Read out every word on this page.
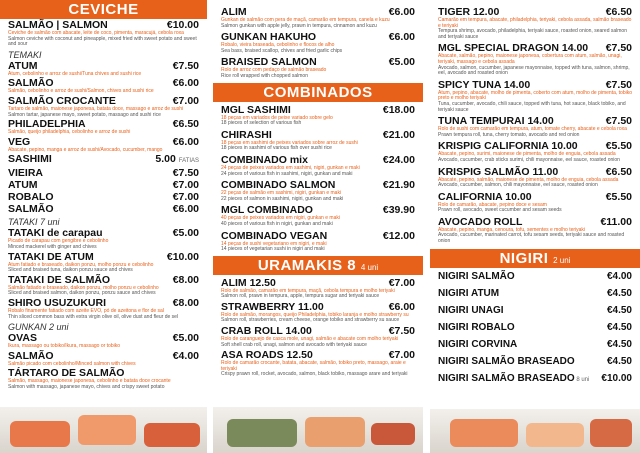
CEVICHE
SALMÃO | SALMON	€10.00
Ceviche de salmão com abacate, leite de coco, pimenta, maracujá, cebola roxa
Salmon ceviche with coconut and pineapple, mixed fried with sweet potato and sweet and sour
TEMAKI
ATUM	€7.50
Atum, cebolinho e arroz de sushi/Tuna chives and sushi rice
SALMÃO	€6.00
Salmão, cebolinho e arroz de sushi/Salmon, chives and sushi rice
SALMÃO CROCANTE	€7.00
Tartaro de salmão, maionese japonesa, batata doce, massago e arroz de sushi
Salmon tartar, japanese mayo, sweet potato, massago and sushi rice
PHILADELPHIA	€6.50
Salmão, queijo philadelphia, cebolinho e arroz de sushi
VEG	€6.00
Abacate, pepino, manga e arroz de sushi/Avocado, cucumber, mango
SASHIMI	5.00 FATIAS
VIEIRA	€7.50
ATUM	€7.00
ROBALO	€7.00
SALMÃO	€6.00
TATAKI 7 uni
TATAKI de carapau	€5.00
Picado de carapau com gengibre e cebolinho
Minced mackerel with ginger and chives
TATAKI DE ATUM	€10.00
Atum fatiado e braseado, daikon ponzu, molho ponzu e cebolinho
Sliced and braised tuna, daikon ponzu sauce and chives
TATAKI DE SALMÃO	€8.00
Salmão fatiado e braseado, daikon ponzu, molho ponzu e cebolinho
Sliced and braised salmon, daikon ponzu, ponzu sauce and chives
SHIRO USUZUKURI	€8.00
Robalo finamente fatiado com azeite EVO, pó de azeitona e flor de sal
Thin sliced common bass with extra virgin olive oil, olive dust and fleur de sel
GUNKAN 2 uni
OVAS	€5.00
Ikura, massago ou tobiko/Ikura, massago or tobiko
SALMÃO	€4.00
Salmão picado com cebolinho/Minced salmon with chives
TÁRTARO DE SALMÃO
Salmão, massago, maionese japonesa, cebolinho e batata doce crocante
Salmon with massago, japanese mayo, chives and crispy sweet potato
ALIM	€6.00
Gunkan de salmão com pera de maçã, camarão em tempura, canela e kuzu
Salmon gunkan with apple jelly, prawn in tempura, cinnamon and kuzu
GUNKAN HAKUHO	€6.00
Robalo, vieira braseada, cebolinho e flocos de alho
Sea bass, braised scallop, chives and fried garlic chips
BRAISED SALMON	€5.00
Rolo de arroz com pedaço de salmão braseado
Rice roll wrapped with chopped salmon
COMBINADOS
MGL SASHIMI	€18.00
18 peças em variados de peixe variado sobre gelo
18 pieces of selection of various fish
CHIRASHI	€21.00
18 peças em sashimi de peixes variados sobre arroz de sushi
18 pieces in sashimi of various fish over sushi rice
COMBINADO mix	€24.00
24 peças de peixes variados em sashimi, nigiri, gunkan e maki
24 pieces of various fish in sashimi, nigiri, gunkan and maki
COMBINADO SALMON	€21.90
22 peças de salmão em sashimi, nigiri, gunkan e maki
22 pieces of salmon in sashimi, nigiri, gunkan and maki
MGL COMBINADO	€39.90
40 peças de peixes variados em nigiri, gunkan e maki
40 pieces of various fish in nigiri, gunkan and maki
COMBINADO VEGAN	€12.00
14 peças de sushi vegetariano em nigiri, e maki
14 pieces of vegetarian sushi in nigiri and maki
URAMAKIS 8 4 uni
ALIM 12.50	€7.00
Rolo de salmão, camarão em tempura, maçã, cebola tempura e molho teriyaki
Salmon roll, prawn in tempura, apple, tempura sugar and teriyaki sauce
STRAWBERRY 11.00	€6.00
Rolo de salmão, morangos, queijo Philadelphia, tobiko laranja e molho strawberry su
Salmon roll, strawberries, cream cheese, orange tobiko and strawberry su sauce
CRAB ROLL 14.00	€7.50
Rolo de caranguejo de casca mole, unagi, salmão e abacate com molho teriyaki
Soft shell crab roll, unagi, salmon and avocado with teriyaki sauce
ASA ROADS 12.50	€7.00
Rolo de camarão crocante, batata, abacate, salmão, tobiko preto, massago, araie e teriyaki
Crispy prawn roll, rocket, avocado, salmon, black tobiko, massago arare and teriyaki
TIGER 12.00	€6.50
Camarão em tempura, abacate, philadelphia, teriyaki, cebola assada, salmão braseado e teriyaki
Tempura shrimp, avocado, philadelphia, teriyaki sauce, roasted onion, seared salmon and teriyaki sauce
MGL SPECIAL DRAGON 14.00	€7.50
Abacate, salmão, pepino, maionese japonesa, cobertura com atum, salmão, unagi, teriyaki, massago e cebola assada
Avocado, salmon, cucumber, japanese mayonnaise, topped with tuna, salmon, shrimp, eel, avocado and roasted onion
SPICY TUNA 14.00	€7.50
Atum, pepino, abacate, molho de pimenta, coberto com atum, molho de pimenta, tobiko preto e molho teriyaki
Tuna, cucumber, avocado, chili sauce, topped with tuna, hot sauce, black tobiko, and teriyaki sauce
TUNA TEMPURAI 14.00	€7.50
Rolo de sushi com camarão em tempura, atum, tomate cherry, abacate e cebola roxa
Prawn tempura roll, tuna, cherry tomato, avocado and red onion
KRISPIG CALIFORNIA 10.00	€5.50
Abacate, pepino, surimi, maionese de pimenta, molho de enguia, cebola assada
Avocado, cucumber, crab sticks surimi, chili mayonnaise, eel sauce, roasted onion
KRISPIG SALMÃO 11.00	€6.50
Abacate, pepino, salmão, maionese de pimenta, molho de enguia, cebola assada
Avocado, cucumber, salmon, chili mayonnaise, eel sauce, roasted onion
CALIFORNIA 10.00	€5.50
Rolo de camarão, abacate, pepino doce e sesam
Prawn roll, avocado, sweet cucumber and sesam seeds
AVOCADO ROLL	€11.00
Abacate, pepino, manga, cenoura, tofu, sementes e molho teriyaki
Avocado, cucumber, marinated carrot, tofu sesam seeds, teriyaki sauce and roasted onion
NIGIRI 2 uni
NIGIRI SALMÃO	€4.00
NIGIRI ATUM	€4.50
NIGIRI UNAGI	€4.50
NIGIRI ROBALO	€4.50
NIGIRI CORVINA	€4.50
NIGIRI SALMÃO BRASEADO	€4.50
NIGIRI SALMÃO BRASEADO 8 uni	€10.00
